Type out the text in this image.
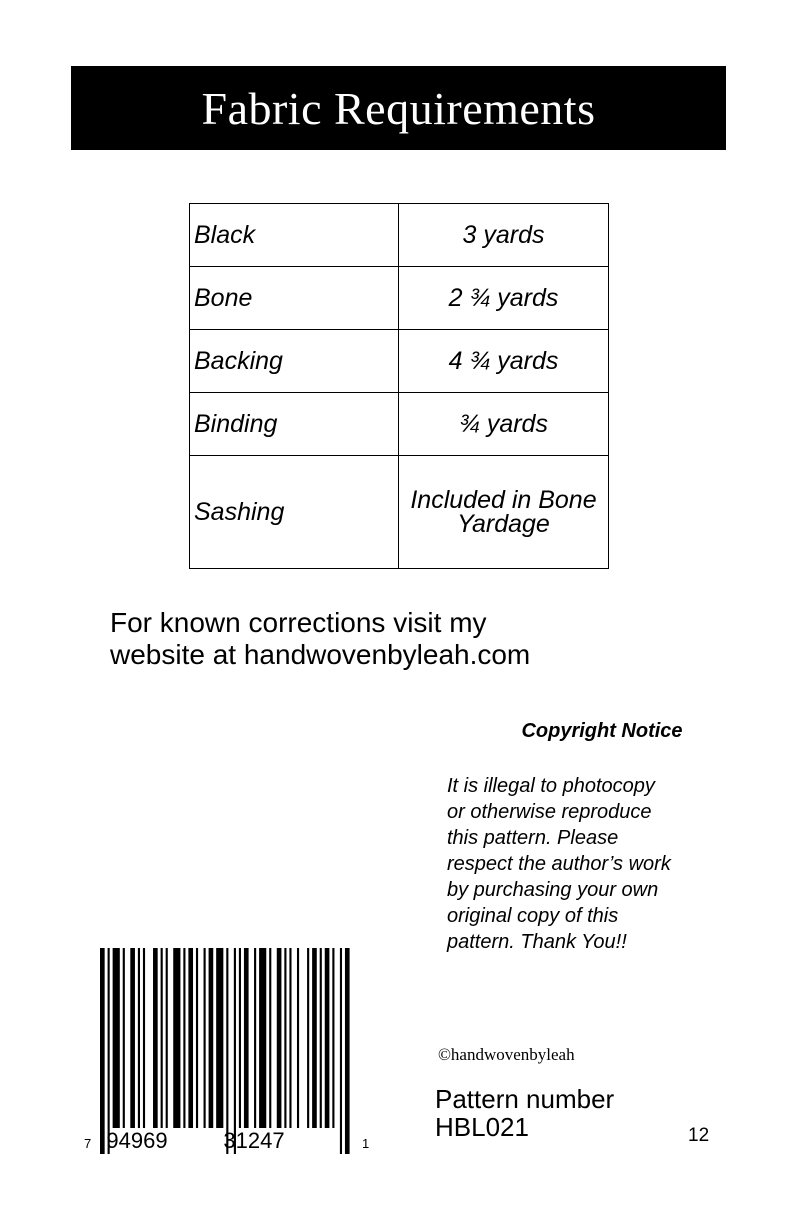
Fabric Requirements
Black	3 yards
Bone	2 ¾ yards
Backing	4 ¾ yards
Binding	¾ yards
Sashing	Included in Bone Yardage
For known corrections visit my
website at handwovenbyleah.com
Copyright Notice
It is illegal to photocopy
or otherwise reproduce
this pattern. Please
respect the author’s work
by purchasing your own
original copy of this
pattern. Thank You!!
©handwovenbyleah
Pattern number
HBL021	12
7 94969	31247	1
